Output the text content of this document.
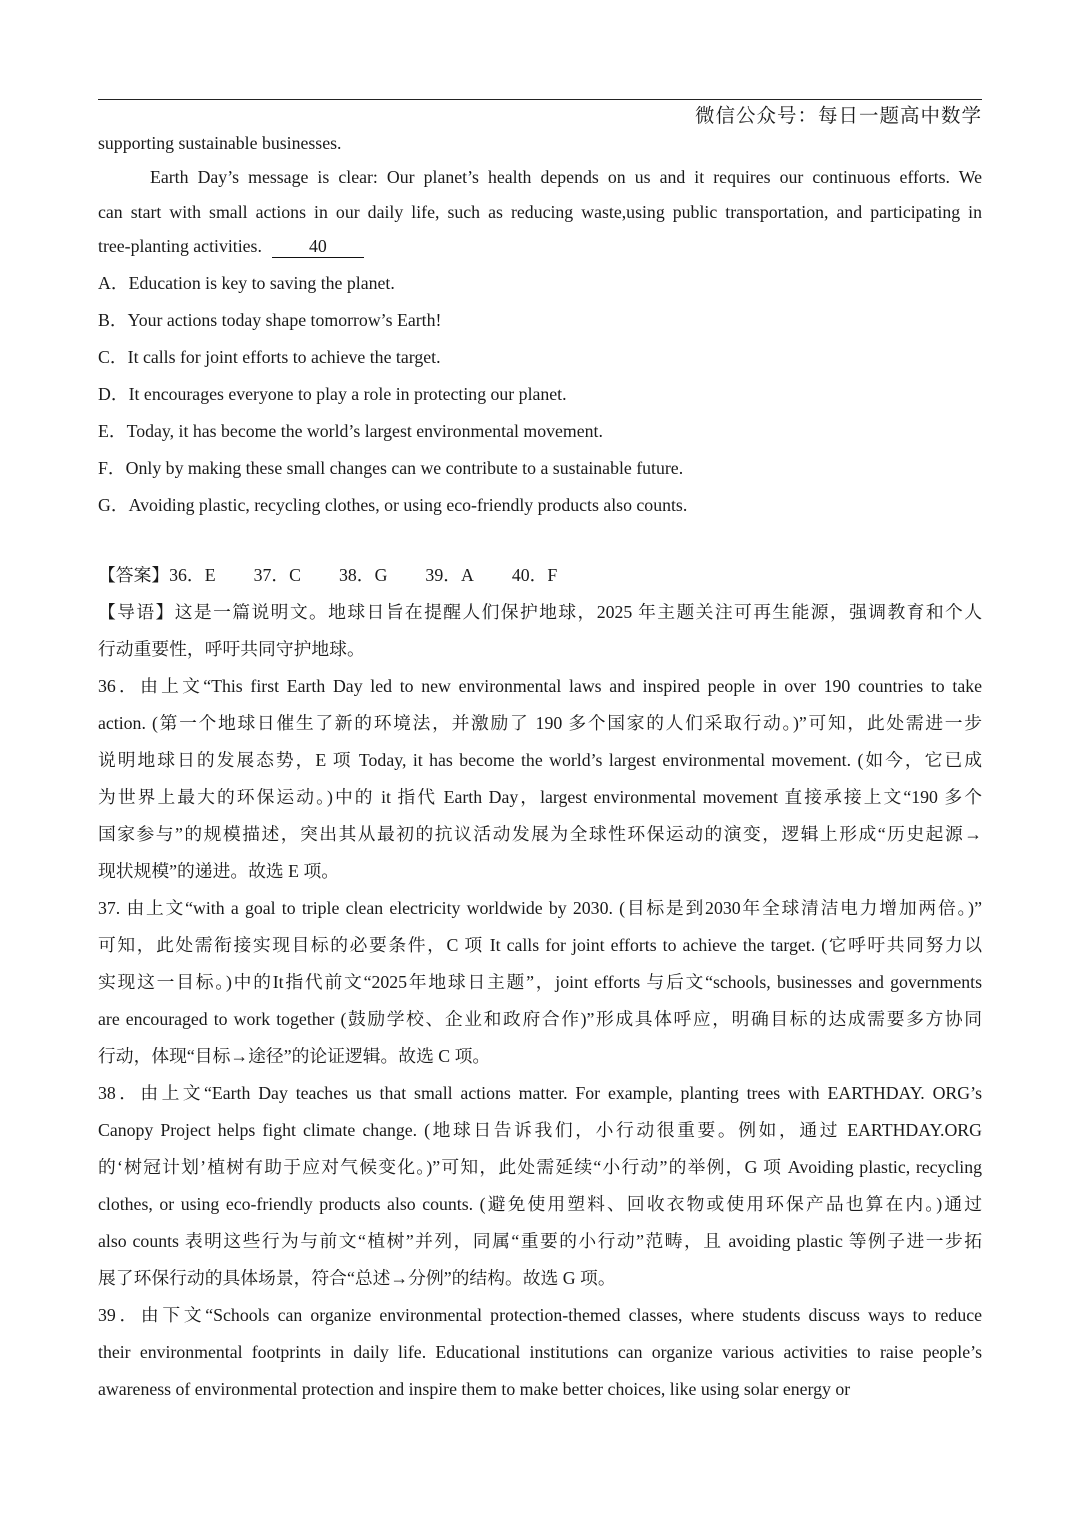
微信公众号：每日一题高中数学
supporting sustainable businesses.
Earth Day’s message is clear: Our planet’s health depends on us and it requires our continuous efforts. We
can start with small actions in our daily life, such as reducing waste,using public transportation, and participating in
tree-planting activities.	40
A．Education is key to saving the planet.
B．Your actions today shape tomorrow’s Earth!
C．It calls for joint efforts to achieve the target.
D．It encourages everyone to play a role in protecting our planet.
E．Today, it has become the world’s largest environmental movement.
F．Only by making these small changes can we contribute to a sustainable future.
G．Avoiding plastic, recycling clothes, or using eco-friendly products also counts.
【答案】36．E 37．C 38．G 39．A 40．F
【导语】这是一篇说明文。地球日旨在提醒人们保护地球，2025 年主题关注可再生能源，强调教育和个人
行动重要性，呼吁共同守护地球。
36．由上文“This first Earth Day led to new environmental laws and inspired people in over 190 countries to take
action. (第一个地球日催生了新的环境法，并激励了 190 多个国家的人们采取行动。)”可知，此处需进一步
说明地球日的发展态势，E 项 Today, it has become the world’s largest environmental movement. (如今，它已成
为世界上最大的环保运动。)中的 it 指代 Earth Day，largest environmental movement 直接承接上文“190 多个
国家参与”的规模描述，突出其从最初的抗议活动发展为全球性环保运动的演变，逻辑上形成“历史起源→
现状规模”的递进。故选 E 项。
37. 由上文“with a goal to triple clean electricity worldwide by 2030. (目标是到2030年全球清洁电力增加两倍。)”
可知，此处需衔接实现目标的必要条件，C 项 It calls for joint efforts to achieve the target. (它呼吁共同努力以
实现这一目标。)中的It指代前文“2025年地球日主题”，joint efforts 与后文“schools, businesses and governments
are encouraged to work together (鼓励学校、企业和政府合作)”形成具体呼应，明确目标的达成需要多方协同
行动，体现“目标→途径”的论证逻辑。故选 C 项。
38．由上文“Earth Day teaches us that small actions matter. For example, planting trees with EARTHDAY. ORG’s
Canopy Project helps fight climate change. (地球日告诉我们，小行动很重要。例如，通过 EARTHDAY.ORG
的‘树冠计划’植树有助于应对气候变化。)”可知，此处需延续“小行动”的举例，G 项 Avoiding plastic, recycling
clothes, or using eco-friendly products also counts. (避免使用塑料、回收衣物或使用环保产品也算在内。)通过
also counts 表明这些行为与前文“植树”并列，同属“重要的小行动”范畴，且 avoiding plastic 等例子进一步拓
展了环保行动的具体场景，符合“总述→分例”的结构。故选 G 项。
39．由下文“Schools can organize environmental protection-themed classes, where students discuss ways to reduce
their environmental footprints in daily life. Educational institutions can organize various activities to raise people’s
awareness of environmental protection and inspire them to make better choices, like using solar energy or
